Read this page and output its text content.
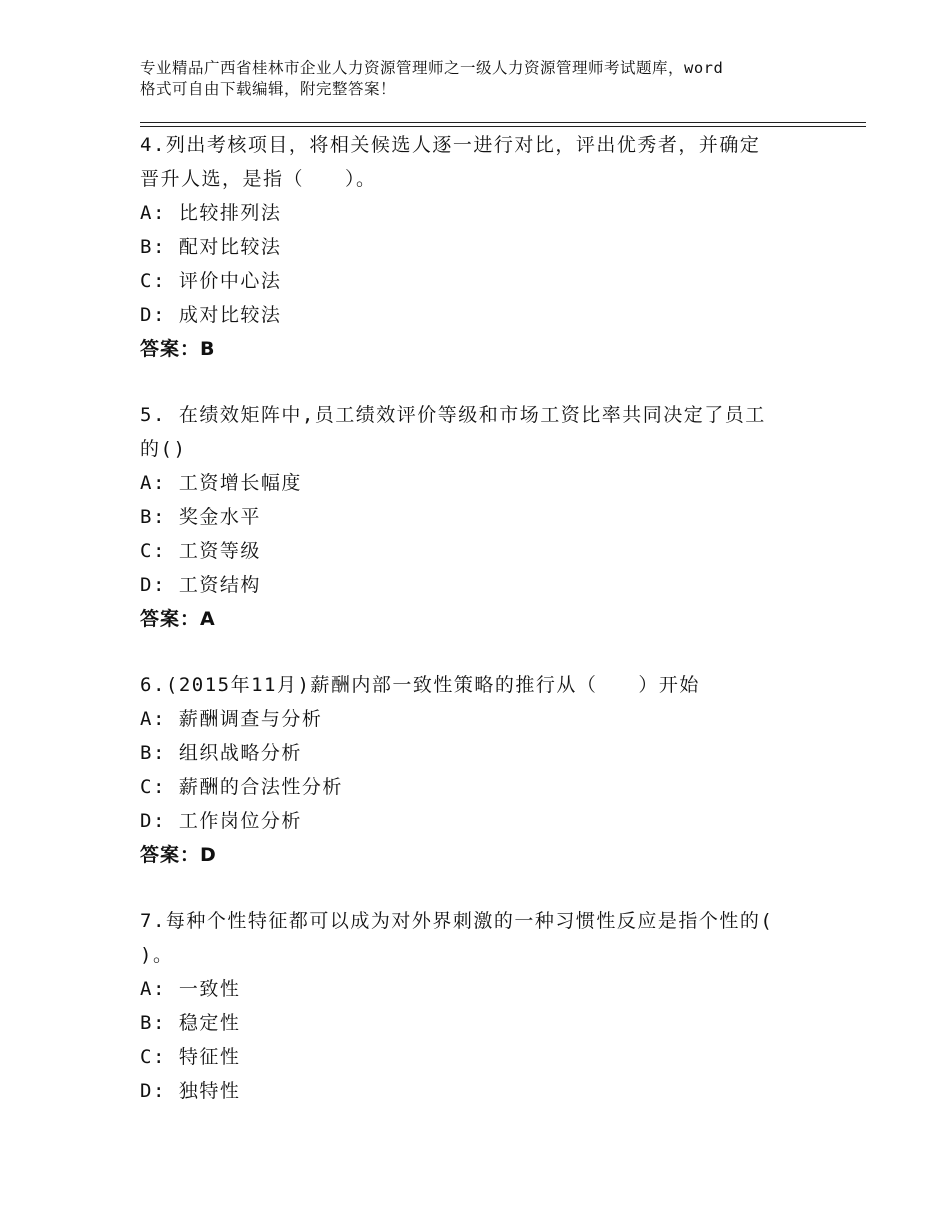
专业精品广西省桂林市企业人力资源管理师之一级人力资源管理师考试题库，word
格式可自由下载编辑，附完整答案！

4.列出考核项目，将相关候选人逐一进行对比，评出优秀者，并确定

晋升人选，是指（　　）。

A: 比较排列法

B: 配对比较法

C: 评价中心法

D: 成对比较法

答案：B

5. 在绩效矩阵中,员工绩效评价等级和市场工资比率共同决定了员工

的()

A: 工资增长幅度

B: 奖金水平

C: 工资等级

D: 工资结构

答案：A

6.(2015年11月)薪酬内部一致性策略的推行从（　　）开始

A: 薪酬调查与分析

B: 组织战略分析

C: 薪酬的合法性分析

D: 工作岗位分析

答案：D

7.每种个性特征都可以成为对外界刺激的一种习惯性反应是指个性的(

)。

A: 一致性

B: 稳定性

C: 特征性

D: 独特性
